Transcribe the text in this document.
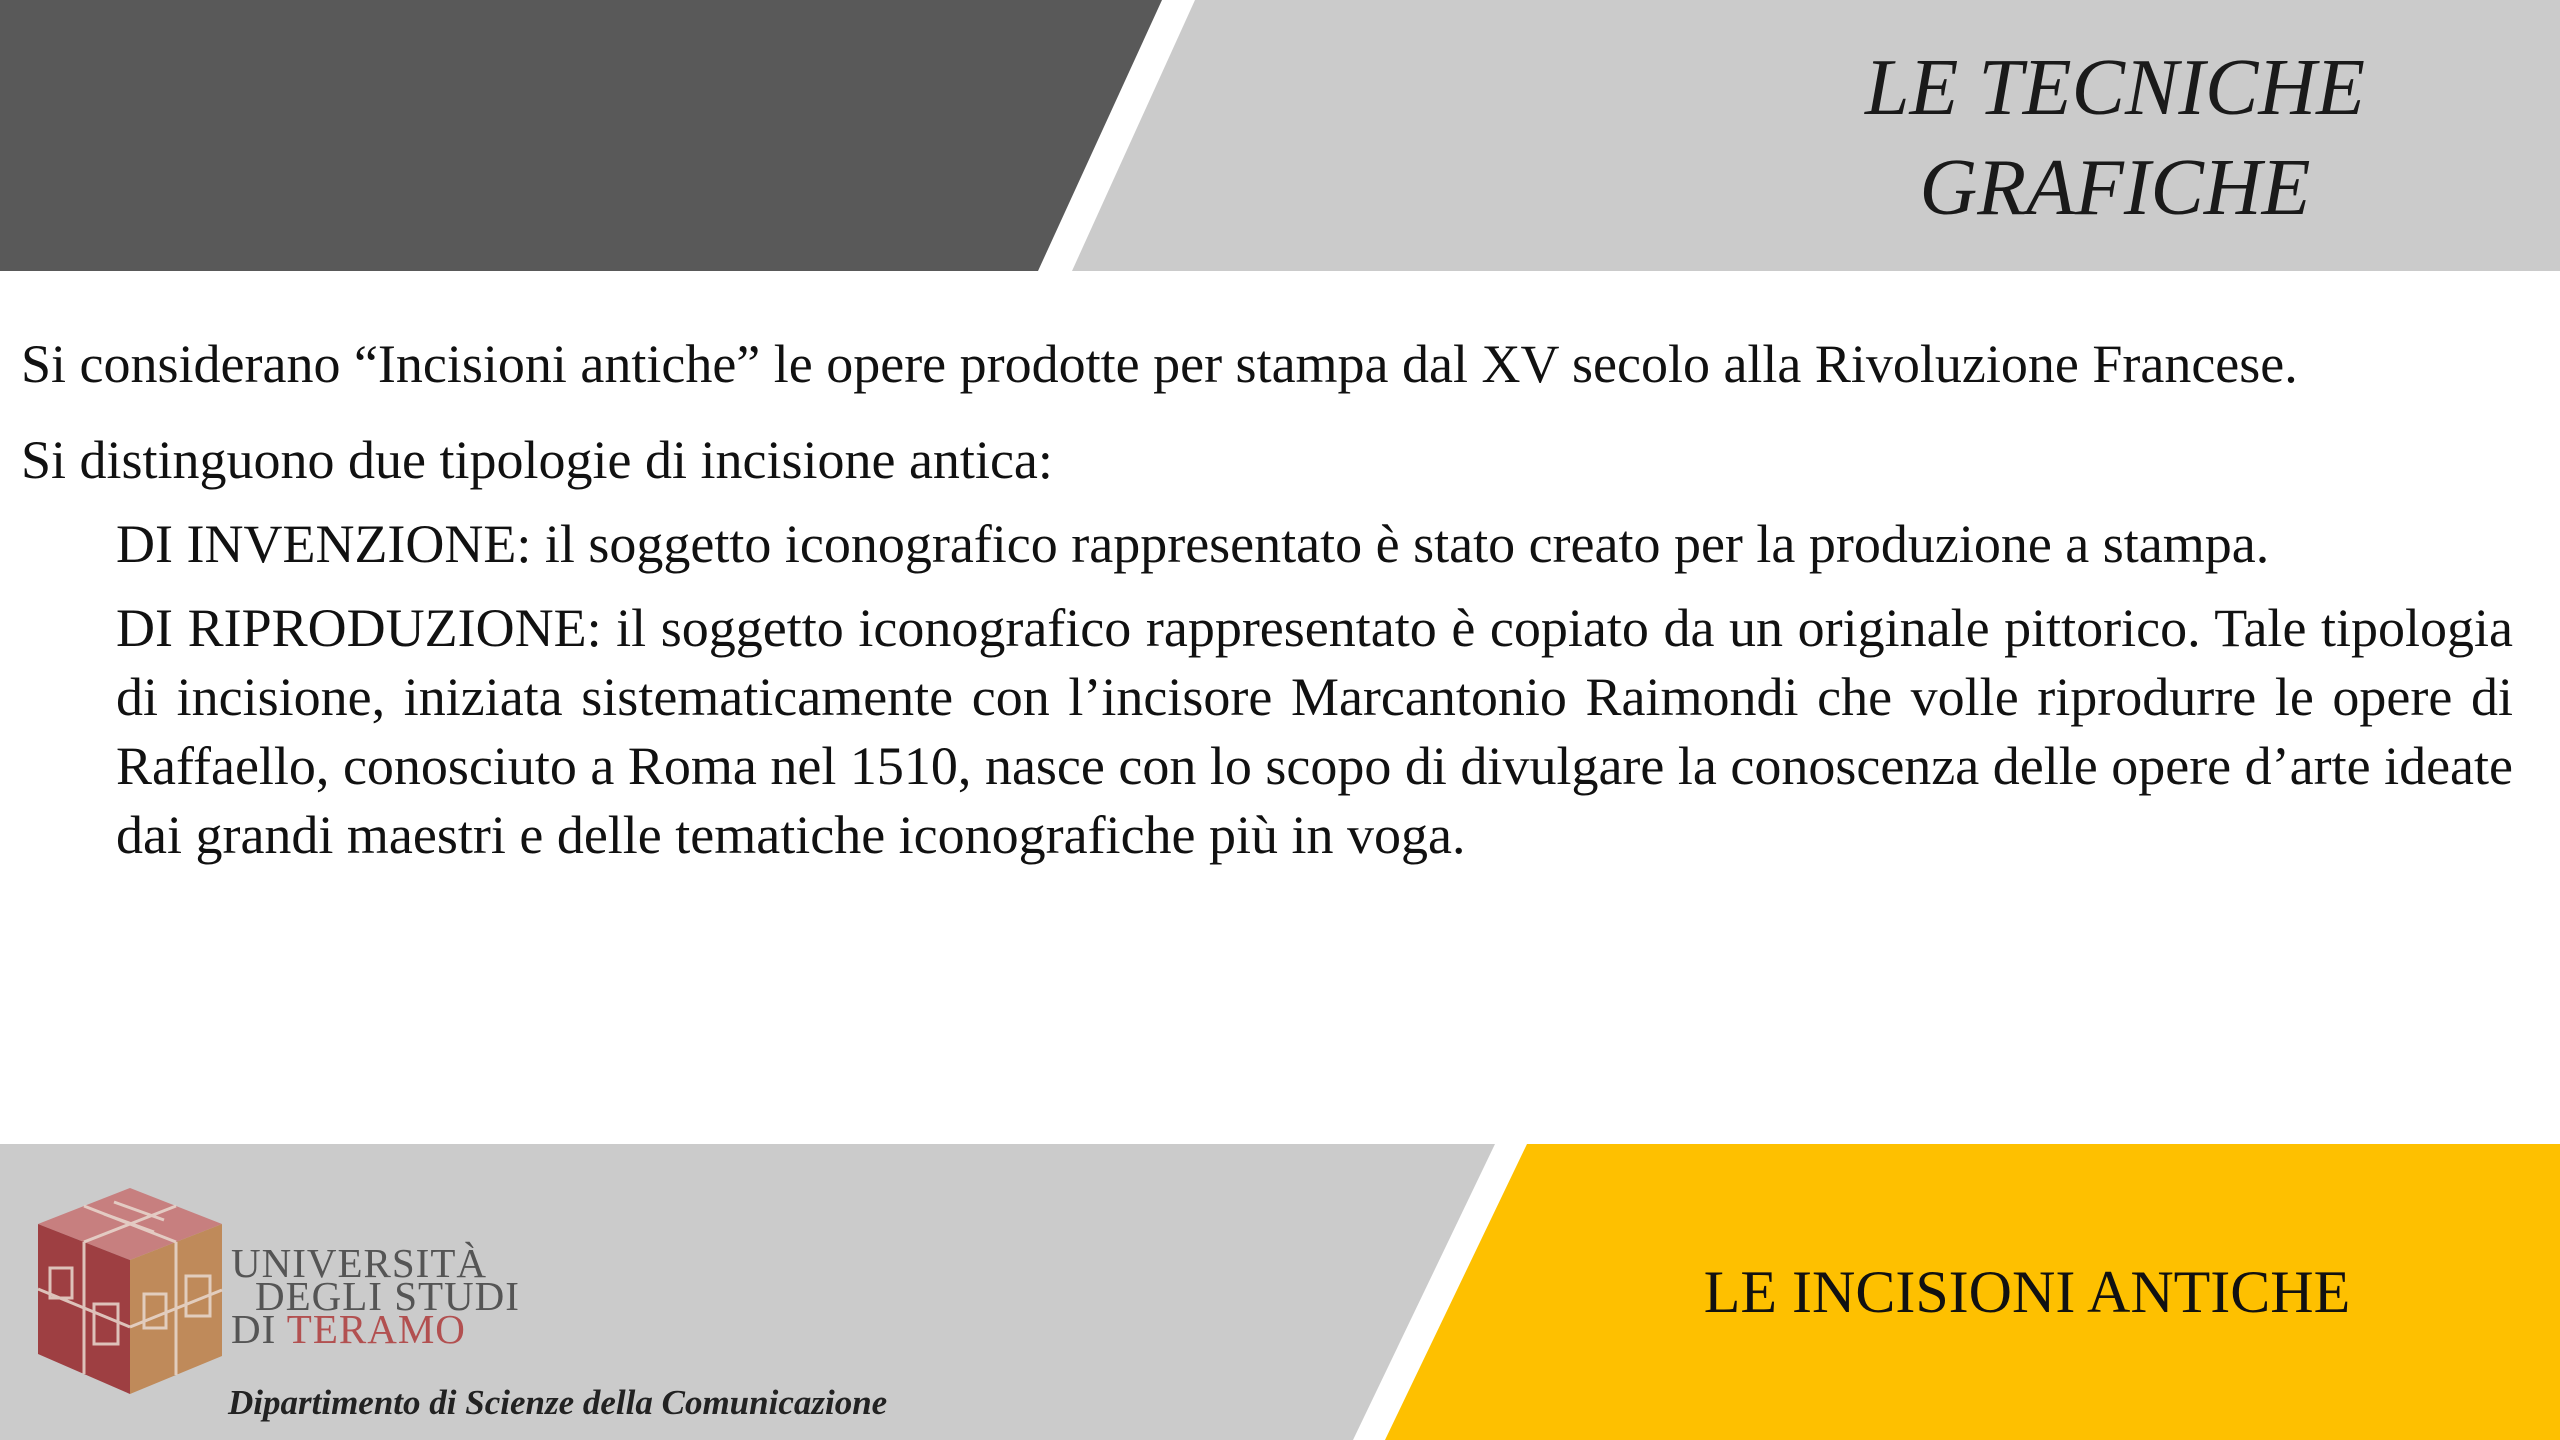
LE TECNICHE
GRAFICHE

Si considerano “Incisioni antiche” le opere prodotte per stampa dal XV secolo alla Rivoluzione Francese.

Si distinguono due tipologie di incisione antica:

DI INVENZIONE: il soggetto iconografico rappresentato è stato creato per la produzione a stampa.

DI RIPRODUZIONE: il soggetto iconografico rappresentato è copiato da un originale pittorico. Tale tipologia di incisione, iniziata sistematicamente con l’incisore Marcantonio Raimondi che volle riprodurre le opere di Raffaello, conosciuto a Roma nel 1510, nasce con lo scopo di divulgare la conoscenza delle opere d’arte ideate dai grandi maestri e delle tematiche iconografiche più in voga.

LE INCISIONI ANTICHE
UNIVERSITÀ
DEGLI STUDI
DI TERAMO
Dipartimento di Scienze della Comunicazione
